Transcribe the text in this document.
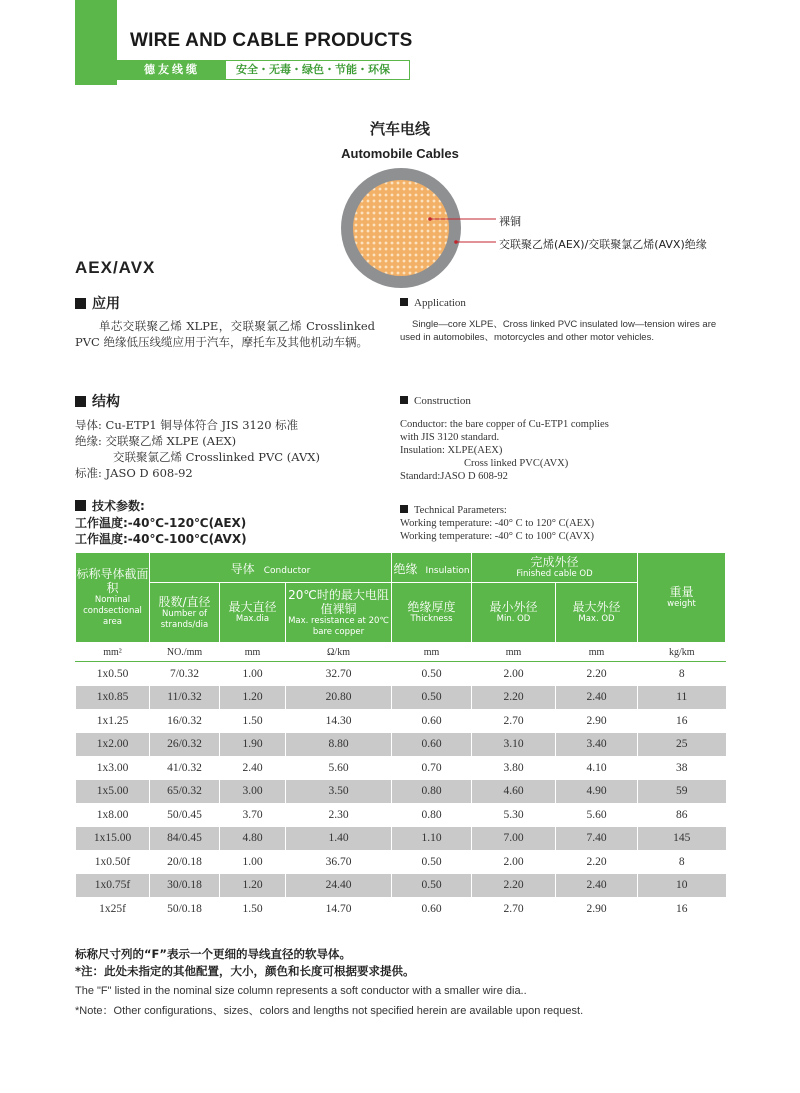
WIRE AND CABLE PRODUCTS
德友线缆	安全・无毒・绿色・节能・环保
汽车电线
Automobile Cables
裸铜
交联聚乙烯(AEX)/交联聚氯乙烯(AVX)绝缘
AEX/AVX
应用
单芯交联聚乙烯 XLPE，交联聚氯乙烯 Crosslinked PVC 绝缘低压线缆应用于汽车，摩托车及其他机动车辆。
Application
Single—core XLPE、Cross linked PVC insulated low—tension wires are used in automobiles、motorcycles and other motor vehicles.
结构
导体: Cu-ETP1 铜导体符合 JIS 3120 标准
绝缘: 交联聚乙烯 XLPE (AEX)
交联聚氯乙烯 Crosslinked PVC (AVX)
标准: JASO D 608-92
Construction
Conductor: the bare copper of Cu-ETP1 complies
with JIS 3120 standard.
Insulation: XLPE(AEX)
Cross linked PVC(AVX)
Standard:JASO D 608-92
技术参数:
工作温度:-40℃-120℃(AEX)
工作温度:-40℃-100℃(AVX)
Technical Parameters:
Working temperature: -40° C to 120° C(AEX)
Working temperature: -40° C to 100° C(AVX)
标称导体截面积
Nominal condsectional area	导体 Conductor			绝缘 Insulation	完成外径
Finished cable OD		重量
weight

	股数/直径
Number of strands/dia	最大直径
Max.dia	20℃时的最大电阻值裸铜
Max. resistance at 20℃ bare copper	绝缘厚度
Thickness	最小外径
Min. OD	最大外径
Max. OD	

mm²	NO./mm	mm	Ω/km	mm	mm	mm	kg/km
1x0.50	7/0.32	1.00	32.70	0.50	2.00	2.20	8
1x0.85	11/0.32	1.20	20.80	0.50	2.20	2.40	11
1x1.25	16/0.32	1.50	14.30	0.60	2.70	2.90	16
1x2.00	26/0.32	1.90	8.80	0.60	3.10	3.40	25
1x3.00	41/0.32	2.40	5.60	0.70	3.80	4.10	38
1x5.00	65/0.32	3.00	3.50	0.80	4.60	4.90	59
1x8.00	50/0.45	3.70	2.30	0.80	5.30	5.60	86
1x15.00	84/0.45	4.80	1.40	1.10	7.00	7.40	145
1x0.50f	20/0.18	1.00	36.70	0.50	2.00	2.20	8
1x0.75f	30/0.18	1.20	24.40	0.50	2.20	2.40	10
1x25f	50/0.18	1.50	14.70	0.60	2.70	2.90	16
标称尺寸列的“F”表示一个更细的导线直径的软导体。
*注：此处未指定的其他配置，大小，颜色和长度可根据要求提供。
The "F" listed in the nominal size column represents a soft conductor with a smaller wire dia..
*Note：Other configurations、sizes、colors and lengths not specified herein are available upon request.
